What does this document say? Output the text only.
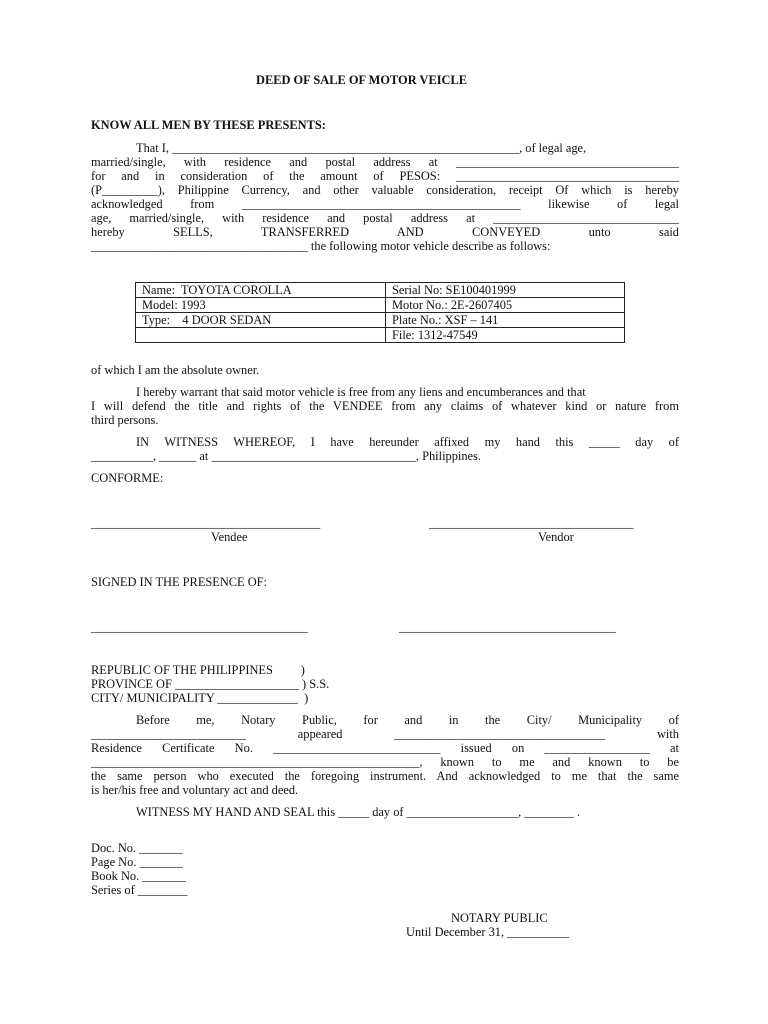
DEED OF SALE OF MOTOR VEICLE
KNOW ALL MEN BY THESE PRESENTS:
That I, ________________________________________________________, of legal age,
married/single, with residence and postal address at ____________________________________
for and in consideration of the amount of PESOS: ____________________________________
(P_________), Philippine Currency, and other valuable consideration, receipt Of which is hereby
acknowledged from _____________________________________________ likewise of legal
age, married/single, with residence and postal address at ______________________________
hereby SELLS, TRANSFERRED AND CONVEYED unto said
___________________________________ the following motor vehicle describe as follows:
Name:  TOYOTA COROLLA	Serial No: SE100401999
Model: 1993	Motor No.: 2E-2607405
Type:    4 DOOR SEDAN	Plate No.: XSF – 141
	File: 1312-47549
of which I am the absolute owner.
I hereby warrant that said motor vehicle is free from any liens and encumberances and that
I will defend the title and rights of the VENDEE from any claims of whatever kind or nature from
third persons.
IN WITNESS WHEREOF, I have hereunder affixed my hand this _____ day of
__________, ______ at _________________________________, Philippines.
CONFORME:
_____________________________________	_________________________________
Vendee	Vendor
SIGNED IN THE PRESENCE OF:
___________________________________	___________________________________
REPUBLIC OF THE PHILIPPINES         )
PROVINCE OF ____________________ ) S.S.
CITY/ MUNICIPALITY _____________  )
Before me, Notary Public, for and in the City/ Municipality of
_________________________ appeared __________________________________ with
Residence Certificate No. ___________________________ issued on _________________ at
_____________________________________________________, known to me and known to be
the same person who executed the foregoing instrument. And acknowledged to me that the same
is her/his free and voluntary act and deed.
WITNESS MY HAND AND SEAL this _____ day of __________________, ________ .
Doc. No. _______
Page No. _______
Book No. _______
Series of ________
NOTARY PUBLIC
Until December 31, __________
